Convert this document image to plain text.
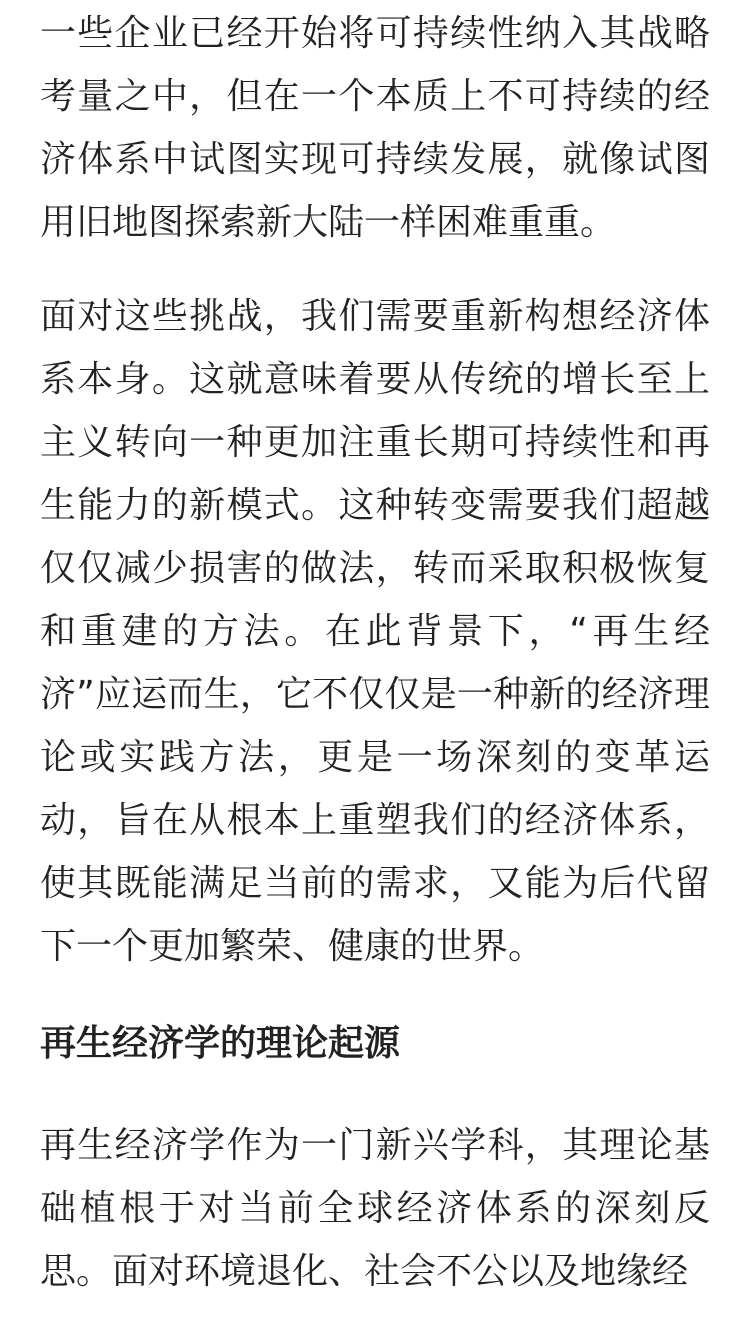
一些企业已经开始将可持续性纳入其战略考量之中，但在一个本质上不可持续的经济体系中试图实现可持续发展，就像试图用旧地图探索新大陆一样困难重重。

面对这些挑战，我们需要重新构想经济体系本身。这就意味着要从传统的增长至上主义转向一种更加注重长期可持续性和再生能力的新模式。这种转变需要我们超越仅仅减少损害的做法，转而采取积极恢复和重建的方法。在此背景下，“再生经济”应运而生，它不仅仅是一种新的经济理论或实践方法，更是一场深刻的变革运动，旨在从根本上重塑我们的经济体系，使其既能满足当前的需求，又能为后代留下一个更加繁荣、健康的世界。

再生经济学的理论起源

再生经济学作为一门新兴学科，其理论基础植根于对当前全球经济体系的深刻反思。面对环境退化、社会不公以及地缘经
